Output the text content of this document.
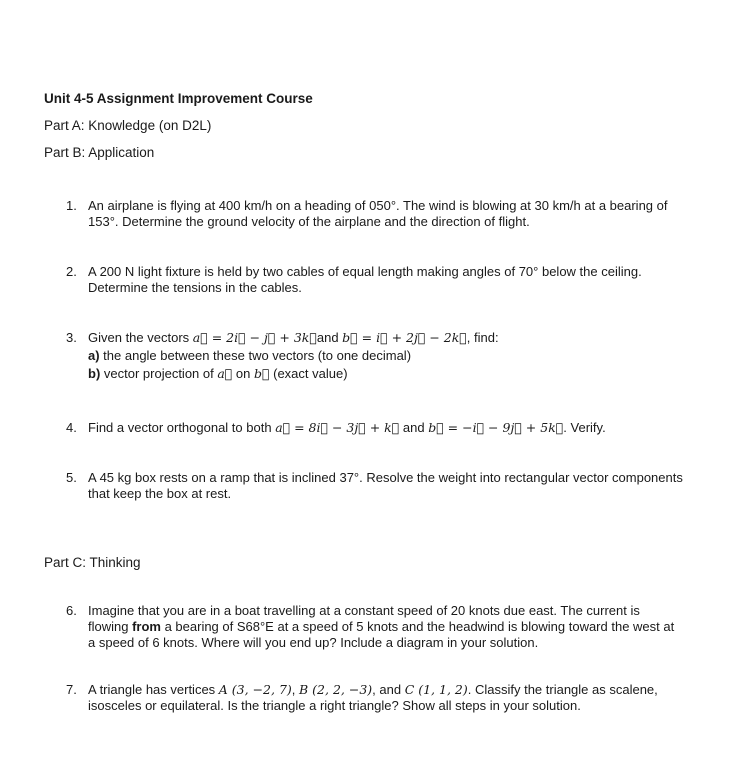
Unit 4-5 Assignment Improvement Course
Part A: Knowledge (on D2L)
Part B: Application
1. An airplane is flying at 400 km/h on a heading of 050°. The wind is blowing at 30 km/h at a bearing of
153°. Determine the ground velocity of the airplane and the direction of flight.
2. A 200 N light fixture is held by two cables of equal length making angles of 70° below the ceiling.
Determine the tensions in the cables.
3. Given the vectors a⃗ = 2i⃗ − j⃗ + 3k⃗and b⃗ = i⃗ + 2j⃗ − 2k⃗, find:
a) the angle between these two vectors (to one decimal)
b) vector projection of a⃗ on b⃗ (exact value)
4. Find a vector orthogonal to both a⃗ = 8i⃗ − 3j⃗ + k⃗ and b⃗ = −i⃗ − 9j⃗ + 5k⃗. Verify.
5. A 45 kg box rests on a ramp that is inclined 37°. Resolve the weight into rectangular vector components
that keep the box at rest.
Part C: Thinking
6. Imagine that you are in a boat travelling at a constant speed of 20 knots due east. The current is
flowing from a bearing of S68°E at a speed of 5 knots and the headwind is blowing toward the west at
a speed of 6 knots. Where will you end up? Include a diagram in your solution.
7. A triangle has vertices A (3, −2, 7), B (2, 2, −3), and C (1, 1, 2). Classify the triangle as scalene,
isosceles or equilateral. Is the triangle a right triangle? Show all steps in your solution.
